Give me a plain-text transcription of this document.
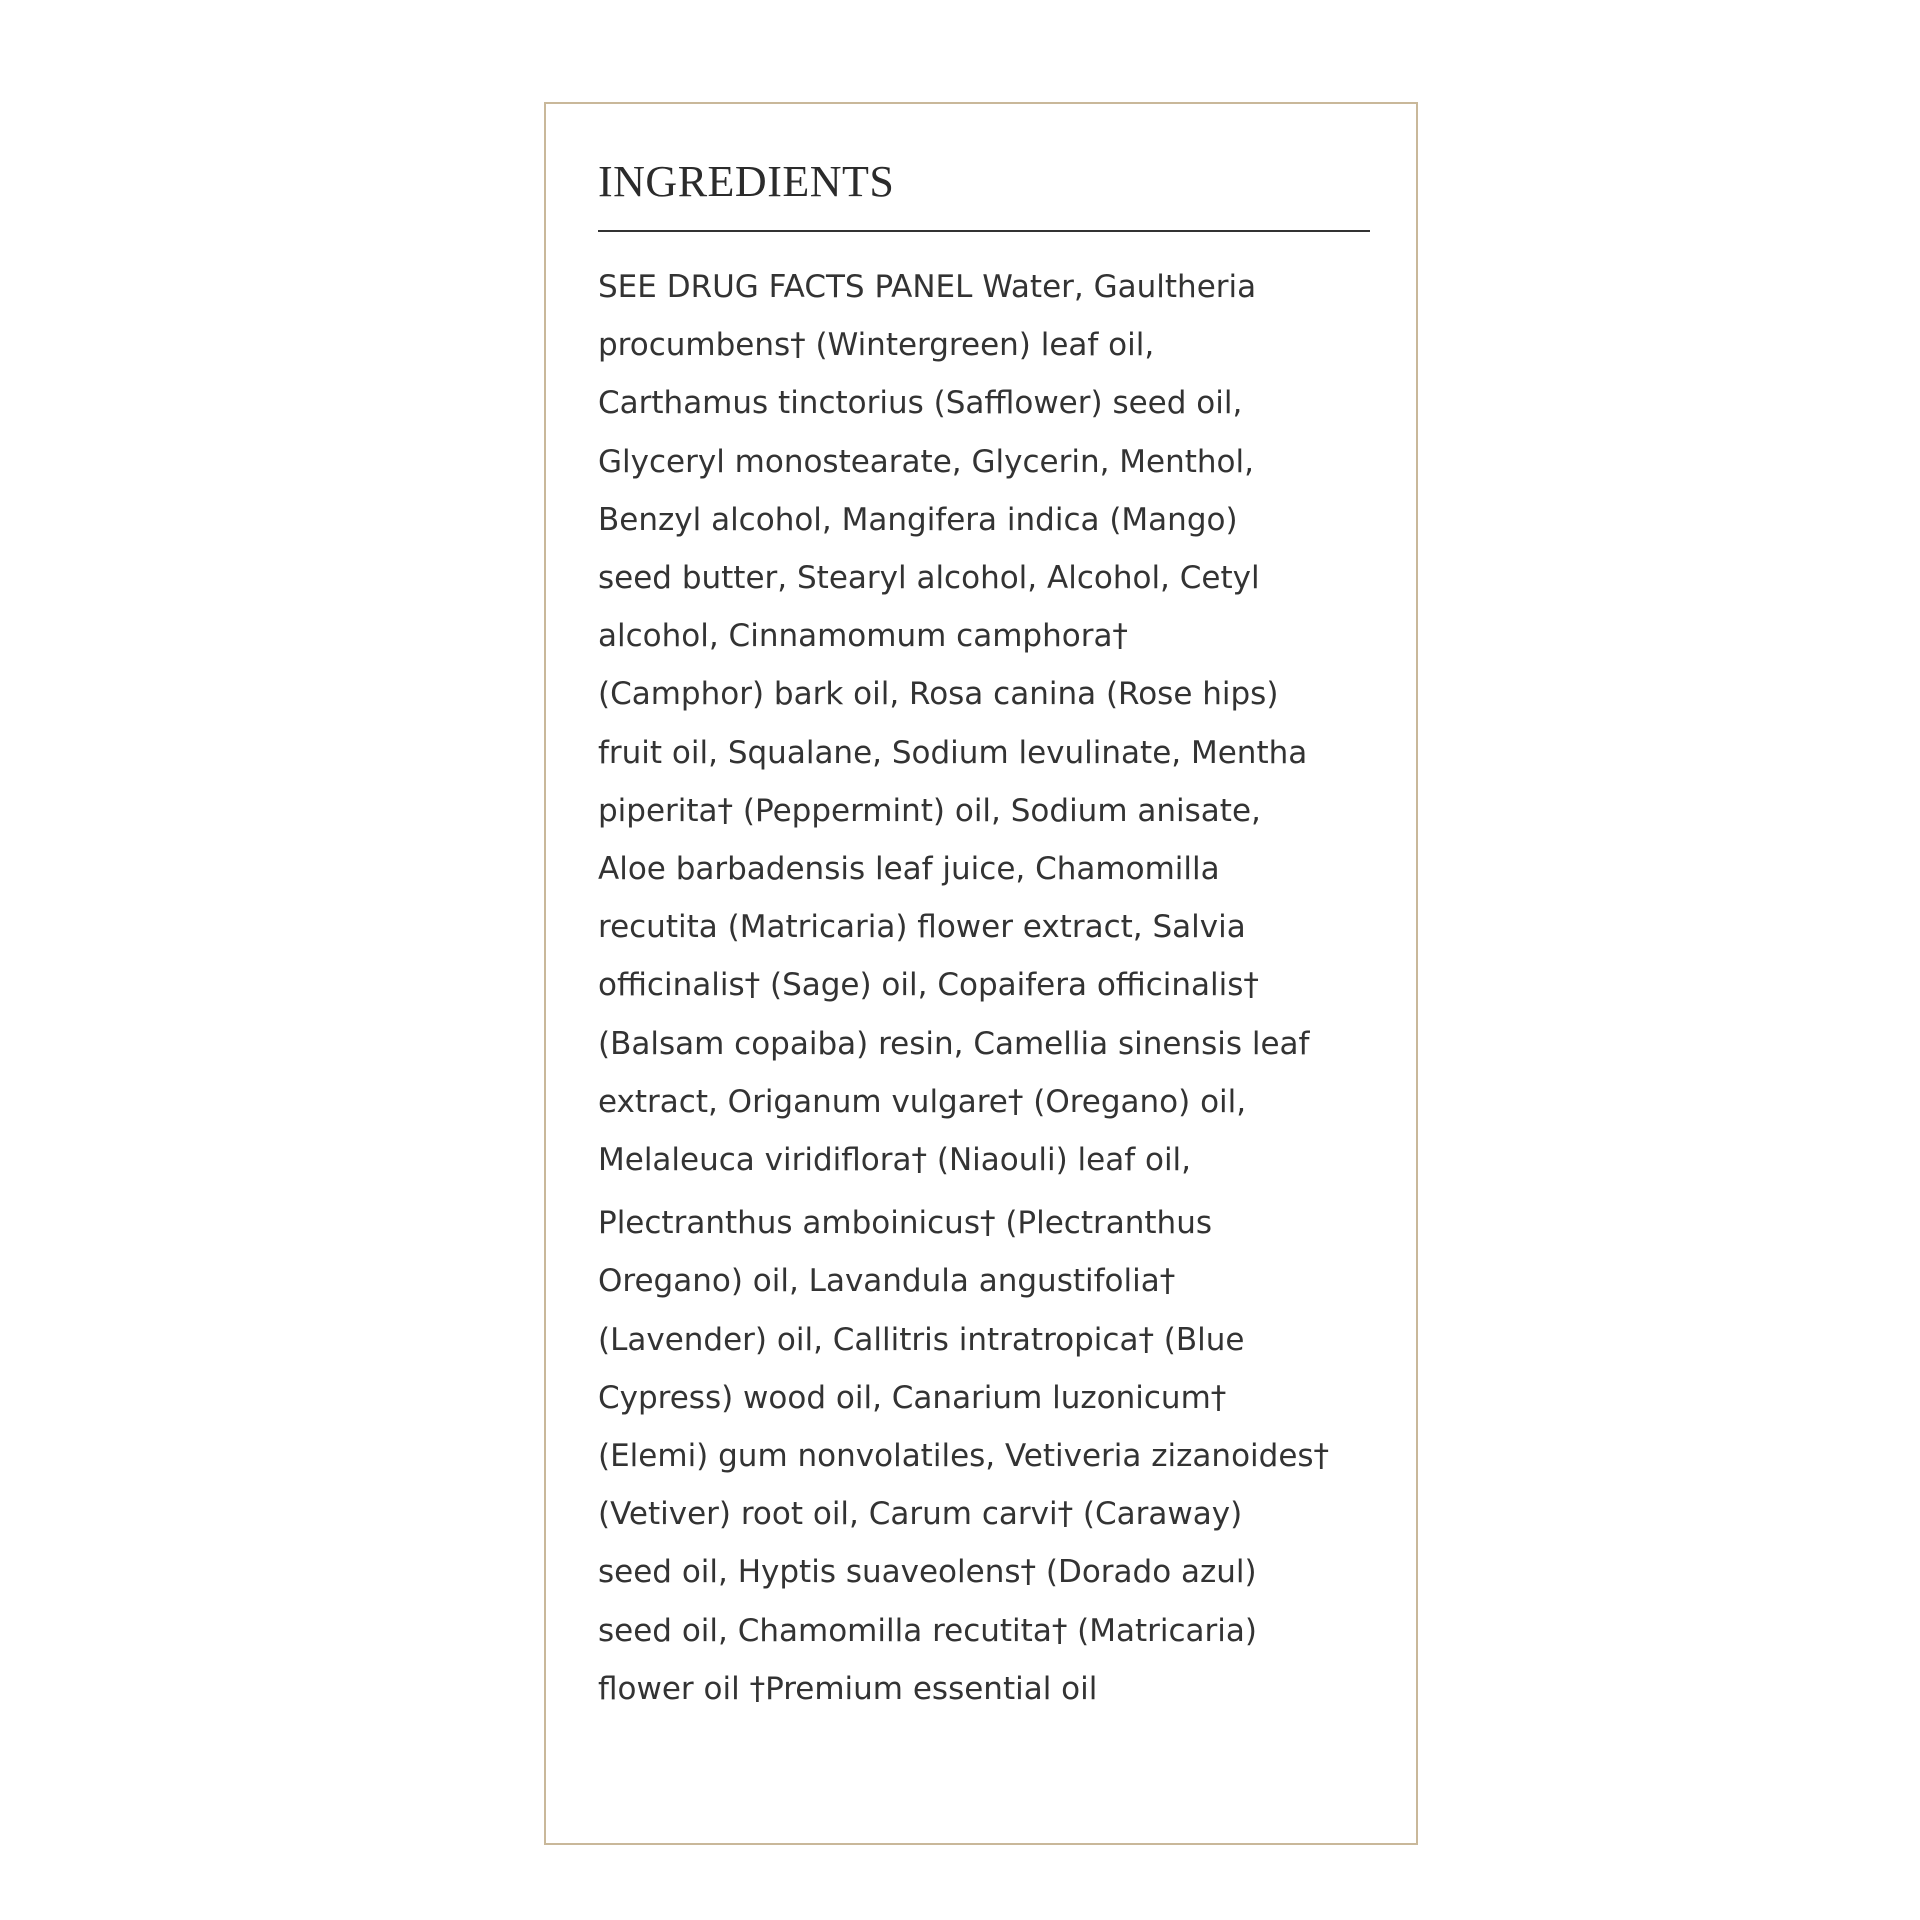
INGREDIENTS
SEE DRUG FACTS PANEL Water, Gaultheria
procumbens† (Wintergreen) leaf oil,
Carthamus tinctorius (Safflower) seed oil,
Glyceryl monostearate, Glycerin, Menthol,
Benzyl alcohol, Mangifera indica (Mango)
seed butter, Stearyl alcohol, Alcohol, Cetyl
alcohol, Cinnamomum camphora†
(Camphor) bark oil, Rosa canina (Rose hips)
fruit oil, Squalane, Sodium levulinate, Mentha
piperita† (Peppermint) oil, Sodium anisate,
Aloe barbadensis leaf juice, Chamomilla
recutita (Matricaria) flower extract, Salvia
officinalis† (Sage) oil, Copaifera officinalis†
(Balsam copaiba) resin, Camellia sinensis leaf
extract, Origanum vulgare† (Oregano) oil,
Melaleuca viridiflora† (Niaouli) leaf oil,
Plectranthus amboinicus† (Plectranthus
Oregano) oil, Lavandula angustifolia†
(Lavender) oil, Callitris intratropica† (Blue
Cypress) wood oil, Canarium luzonicum†
(Elemi) gum nonvolatiles, Vetiveria zizanoides†
(Vetiver) root oil, Carum carvi† (Caraway)
seed oil, Hyptis suaveolens† (Dorado azul)
seed oil, Chamomilla recutita† (Matricaria)
flower oil †Premium essential oil
